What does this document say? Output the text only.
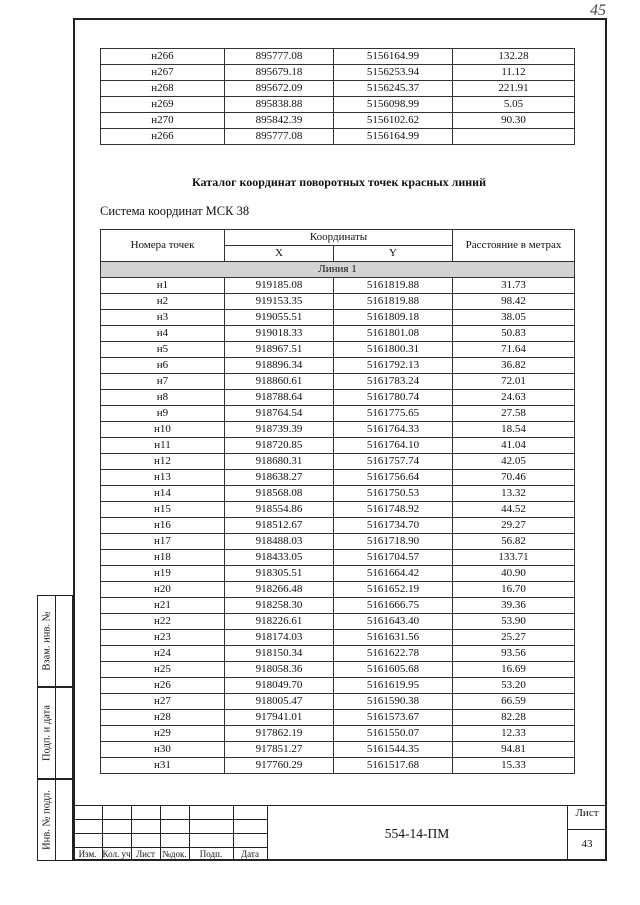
45
н266	895777.08	5156164.99	132.28
н267	895679.18	5156253.94	11.12
н268	895672.09	5156245.37	221.91
н269	895838.88	5156098.99	5.05
н270	895842.39	5156102.62	90.30
н266	895777.08	5156164.99	
Каталог координат поворотных точек красных линий
Система координат МСК 38
Номера точек	Координаты		Расстояние в метрах
	X	Y	
Линия 1			
н1	919185.08	5161819.88	31.73
н2	919153.35	5161819.88	98.42
н3	919055.51	5161809.18	38.05
н4	919018.33	5161801.08	50.83
н5	918967.51	5161800.31	71.64
н6	918896.34	5161792.13	36.82
н7	918860.61	5161783.24	72.01
н8	918788.64	5161780.74	24.63
н9	918764.54	5161775.65	27.58
н10	918739.39	5161764.33	18.54
н11	918720.85	5161764.10	41.04
н12	918680.31	5161757.74	42.05
н13	918638.27	5161756.64	70.46
н14	918568.08	5161750.53	13.32
н15	918554.86	5161748.92	44.52
н16	918512.67	5161734.70	29.27
н17	918488.03	5161718.90	56.82
н18	918433.05	5161704.57	133.71
н19	918305.51	5161664.42	40.90
н20	918266.48	5161652.19	16.70
н21	918258.30	5161666.75	39.36
н22	918226.61	5161643.40	53.90
н23	918174.03	5161631.56	25.27
н24	918150.34	5161622.78	93.56
н25	918058.36	5161605.68	16.69
н26	918049.70	5161619.95	53.20
н27	918005.47	5161590.38	66.59
н28	917941.01	5161573.67	82.28
н29	917862.19	5161550.07	12.33
н30	917851.27	5161544.35	94.81
н31	917760.29	5161517.68	15.33
Взам. инв. №
Подп. и дата
Инв. № подл.
Изм. Кол. уч Лист №док.	Подп.	Дата
554-14-ПМ
Лист
43
